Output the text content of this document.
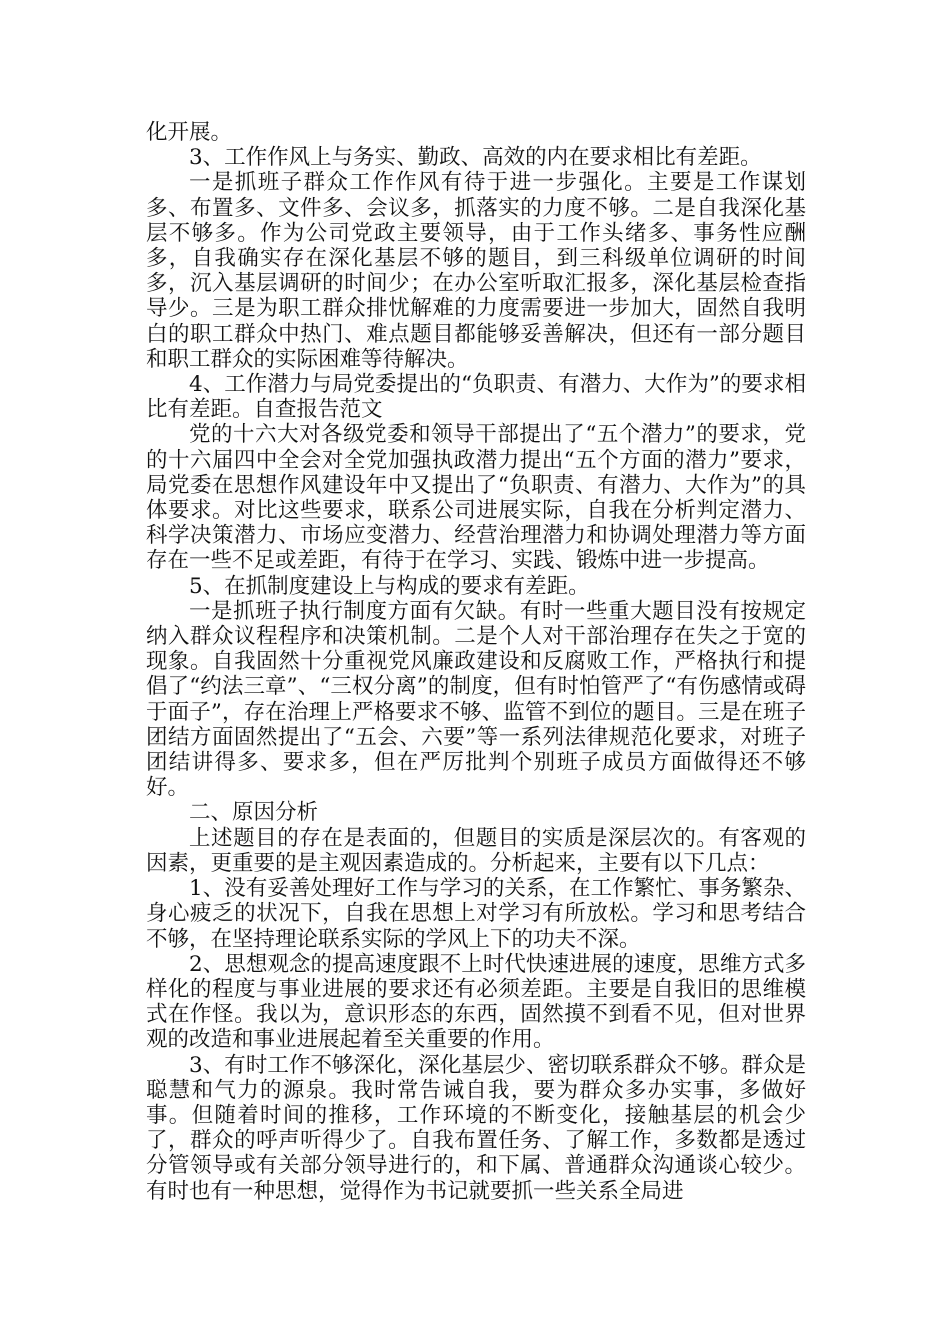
化开展。

3、工作作风上与务实、勤政、高效的内在要求相比有差距。

一是抓班子群众工作作风有待于进一步强化。主要是工作谋划多、布置多、文件多、会议多，抓落实的力度不够。二是自我深化基层不够多。作为公司党政主要领导，由于工作头绪多、事务性应酬多，自我确实存在深化基层不够的题目，到三科级单位调研的时间多，沉入基层调研的时间少；在办公室听取汇报多，深化基层检查指导少。三是为职工群众排忧解难的力度需要进一步加大，固然自我明白的职工群众中热门、难点题目都能够妥善解决，但还有一部分题目和职工群众的实际困难等待解决。

4、工作潜力与局党委提出的“负职责、有潜力、大作为”的要求相比有差距。自查报告范文

党的十六大对各级党委和领导干部提出了“五个潜力”的要求，党的十六届四中全会对全党加强执政潜力提出“五个方面的潜力”要求，局党委在思想作风建设年中又提出了“负职责、有潜力、大作为”的具体要求。对比这些要求，联系公司进展实际，自我在分析判定潜力、科学决策潜力、市场应变潜力、经营治理潜力和协调处理潜力等方面存在一些不足或差距，有待于在学习、实践、锻炼中进一步提高。

5、在抓制度建设上与构成的要求有差距。

一是抓班子执行制度方面有欠缺。有时一些重大题目没有按规定纳入群众议程程序和决策机制。二是个人对干部治理存在失之于宽的现象。自我固然十分重视党风廉政建设和反腐败工作，严格执行和提倡了“约法三章”、“三权分离”的制度，但有时怕管严了“有伤感情或碍于面子”，存在治理上严格要求不够、监管不到位的题目。三是在班子团结方面固然提出了“五会、六要”等一系列法律规范化要求，对班子团结讲得多、要求多，但在严厉批判个别班子成员方面做得还不够好。

二、原因分析

上述题目的存在是表面的，但题目的实质是深层次的。有客观的因素，更重要的是主观因素造成的。分析起来，主要有以下几点：

1、没有妥善处理好工作与学习的关系，在工作繁忙、事务繁杂、身心疲乏的状况下，自我在思想上对学习有所放松。学习和思考结合不够，在坚持理论联系实际的学风上下的功夫不深。

2、思想观念的提高速度跟不上时代快速进展的速度，思维方式多样化的程度与事业进展的要求还有必须差距。主要是自我旧的思维模式在作怪。我以为，意识形态的东西，固然摸不到看不见，但对世界观的改造和事业进展起着至关重要的作用。

3、有时工作不够深化，深化基层少、密切联系群众不够。群众是聪慧和气力的源泉。我时常告诫自我，要为群众多办实事，多做好事。但随着时间的推移，工作环境的不断变化，接触基层的机会少了，群众的呼声听得少了。自我布置任务、了解工作，多数都是透过分管领导或有关部分领导进行的，和下属、普通群众沟通谈心较少。有时也有一种思想，觉得作为书记就要抓一些关系全局进
